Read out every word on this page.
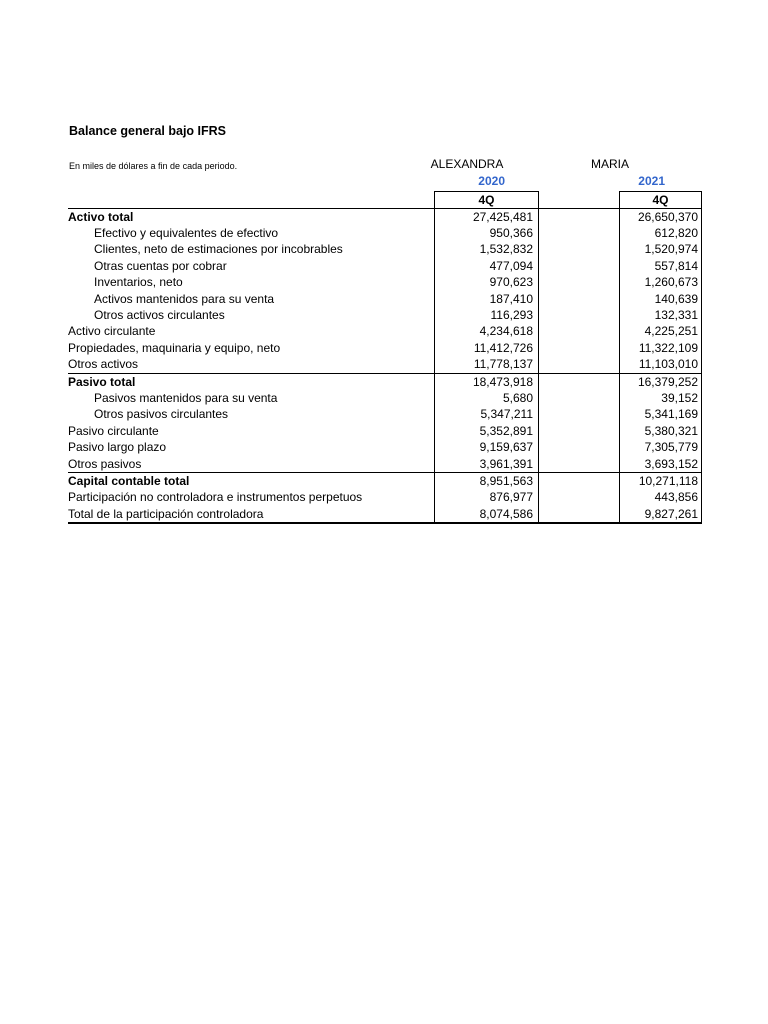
Balance general bajo IFRS
En miles de dólares a fin de cada periodo.	ALEXANDRA	MARIA
2020	2021
	4Q		4Q
Activo total	27,425,481		26,650,370
Efectivo y equivalentes de efectivo	950,366		612,820
Clientes, neto de estimaciones por incobrables	1,532,832		1,520,974
Otras cuentas por cobrar	477,094		557,814
Inventarios, neto	970,623		1,260,673
Activos mantenidos para su venta	187,410		140,639
Otros activos circulantes	116,293		132,331
Activo circulante	4,234,618		4,225,251
Propiedades, maquinaria y equipo, neto	11,412,726		11,322,109
Otros activos	11,778,137		11,103,010
Pasivo total	18,473,918		16,379,252
Pasivos mantenidos para su venta	5,680		39,152
Otros pasivos circulantes	5,347,211		5,341,169
Pasivo circulante	5,352,891		5,380,321
Pasivo largo plazo	9,159,637		7,305,779
Otros pasivos	3,961,391		3,693,152
Capital contable total	8,951,563		10,271,118
Participación no controladora e instrumentos perpetuos	876,977		443,856
Total de la participación controladora	8,074,586		9,827,261
